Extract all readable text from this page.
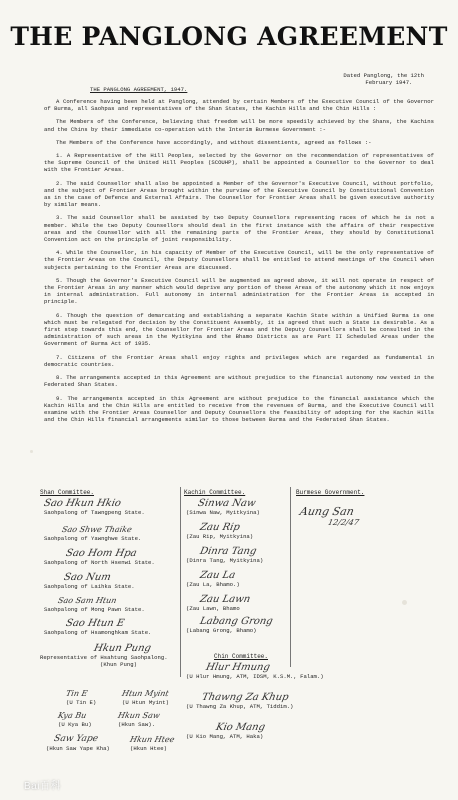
THE PANGLONG AGREEMENT
Dated Panglong, the 12th
February 1947.
THE PANGLONG AGREEMENT, 1947.

A Conference having been held at Panglong, attended by certain Members of the Executive Council of the Governor of Burma, all Saohpas and representatives of the Shan States, the Kachin Hills and the Chin Hills :

The Members of the Conference, believing that freedom will be more speedily achieved by the Shans, the Kachins and the Chins by their immediate co-operation with the Interim Burmese Government :-

The Members of the Conference have accordingly, and without dissentients, agreed as follows :-

1. A Representative of the Hill Peoples, selected by the Governor on the recommendation of representatives of the Supreme Council of the United Hill Peoples (SCOUHP), shall be appointed a Counsellor to the Governor to deal with the Frontier Areas.

2. The said Counsellor shall also be appointed a Member of the Governor's Executive Council, without portfolio, and the subject of Frontier Areas brought within the purview of the Executive Council by Constitutional Convention as in the case of Defence and External Affairs. The Counsellor for Frontier Areas shall be given executive authority by similar means.

3. The said Counsellor shall be assisted by two Deputy Counsellors representing races of which he is not a member. While the two Deputy Counsellors should deal in the first instance with the affairs of their respective areas and the Counsellor with all the remaining parts of the Frontier Areas, they should by Constitutional Convention act on the principle of joint responsibility.

4. While the Counsellor, in his capacity of Member of the Executive Council, will be the only representative of the Frontier Areas on the Council, the Deputy Counsellors shall be entitled to attend meetings of the Council when subjects pertaining to the Frontier Areas are discussed.

5. Though the Governor's Executive Council will be augmented as agreed above, it will not operate in respect of the Frontier Areas in any manner which would deprive any portion of these Areas of the autonomy which it now enjoys in internal administration. Full autonomy in internal administration for the Frontier Areas is accepted in principle.

6. Though the question of demarcating and establishing a separate Kachin State within a Unified Burma is one which must be relegated for decision by the Constituent Assembly, it is agreed that such a State is desirable. As a first step towards this end, the Counsellor for Frontier Areas and the Deputy Counsellors shall be consulted in the administration of such areas in the Myitkyina and the Bhamo Districts as are Part II Scheduled Areas under the Government of Burma Act of 1935.

7. Citizens of the Frontier Areas shall enjoy rights and privileges which are regarded as fundamental in democratic countries.

8. The arrangements accepted in this Agreement are without prejudice to the financial autonomy now vested in the Federated Shan States.

9. The arrangements accepted in this Agreement are without prejudice to the financial assistance which the Kachin Hills and the Chin Hills are entitled to receive from the revenues of Burma, and the Executive Council will examine with the Frontier Areas Counsellor and Deputy Counsellors the feasibility of adopting for the Kachin Hills and the Chin Hills financial arrangements similar to those between Burma and the Federated Shan States.

Shan Committee.	Kachin Committee.	Burmese Government.
Sao Hkun Hkio
Saohpalong of Tawngpeng State.
Sao Shwe Thaike
Saohpalong of Yawnghwe State.
Sao Hom Hpa
Saohpalong of North Hsenwi State.
Sao Num
Saohpalong of Laihka State.
Sao Sam Htun
Saohpalong of Mong Pawn State.
Sao Htun E
Saohpalong of Hsamonghkam State.
Hkun Pung
Representative of Hsahtung Saohpalong.
(Khun Pung)
Tin E
(U Tin E)
Htun Myint
(U Htun Myint)
Kya Bu
(U Kya Bu)
Hkun Saw
(Hkun Saw).
Saw Yape
(Hkun Saw Yape Kha)
Hkun Htee
(Hkun Htee)
Sinwa Naw
(Sinwa Naw, Myitkyina)
Zau Rip
(Zau Rip, Myitkyina)
Dinra Tang
(Dinra Tang, Myitkyina)
Zau La
(Zau La, Bhamo.)
Zau Lawn
(Zau Lawn, Bhamo
Labang Grong
(Labang Grong, Bhamo)
Aung San
12/2/47
Chin Committee.
Hlur Hmung
(U Hlur Hmung, ATM, IDSM, K.S.M., Falam.)
Thawng Za Khup
(U Thawng Za Khup, ATM, Tiddim.)
Kio Mang
(U Kio Mang, ATM, Haka)
Bai百科
